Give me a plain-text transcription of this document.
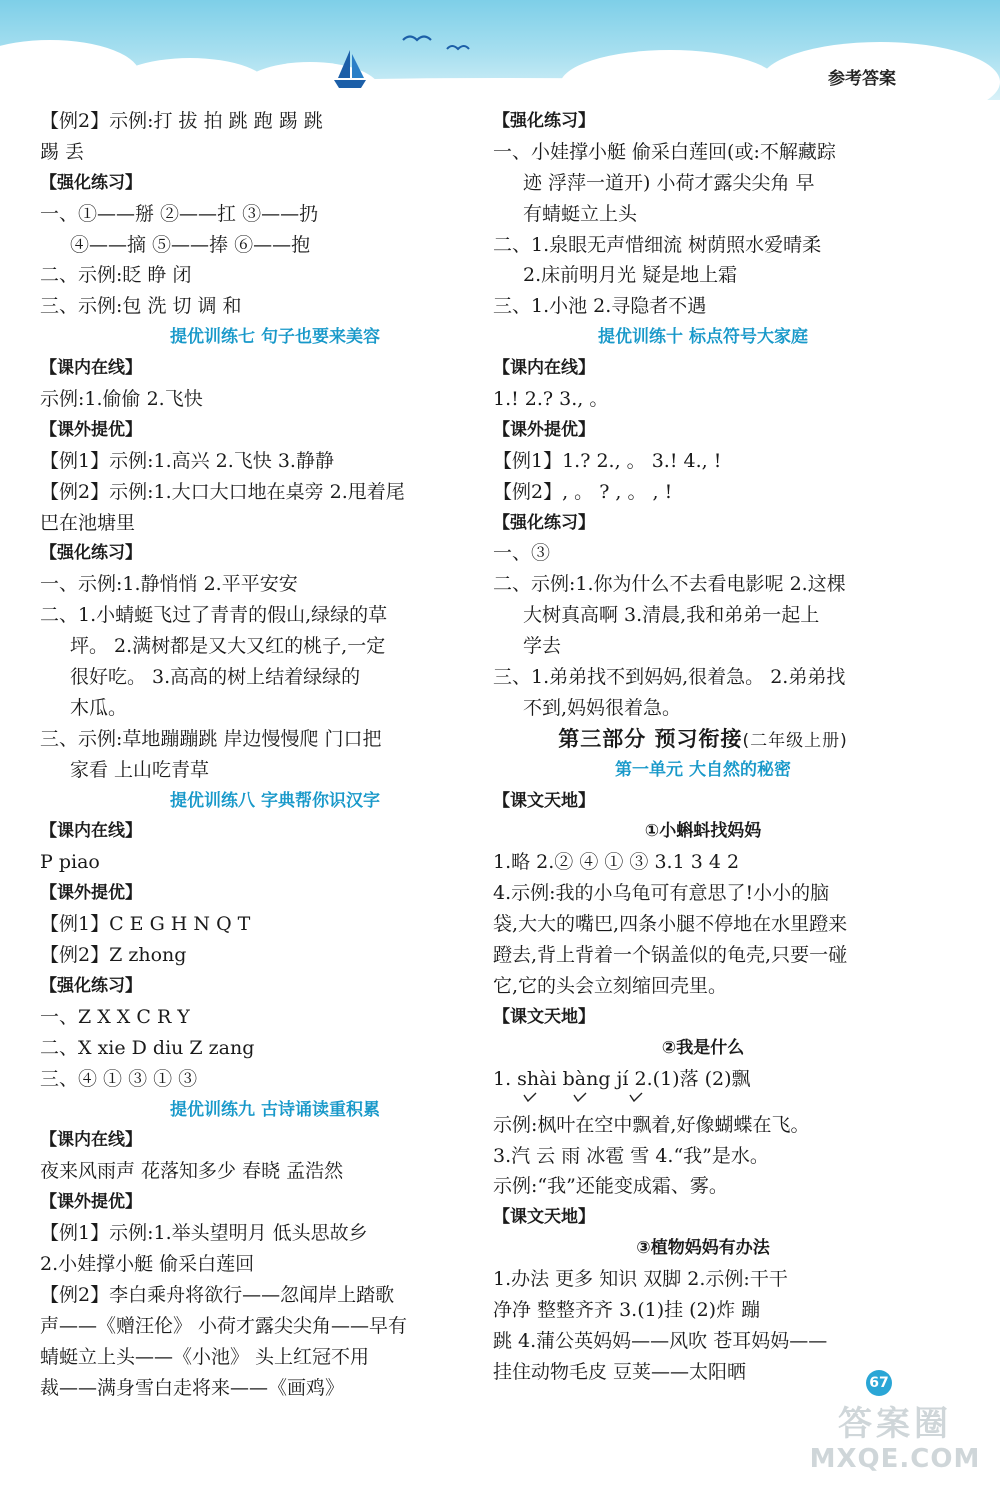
参考答案
【例2】示例:打 拔 拍 跳 跑 踢 跳
踢 丢
【强化练习】
一、①——掰 ②——扛 ③——扔
④——摘 ⑤——捧 ⑥——抱
二、示例:眨 睁 闭
三、示例:包 洗 切 调 和
提优训练七 句子也要来美容
【课内在线】
示例:1.偷偷 2.飞快
【课外提优】
【例1】示例:1.高兴 2.飞快 3.静静
【例2】示例:1.大口大口地在桌旁 2.甩着尾
巴在池塘里
【强化练习】
一、示例:1.静悄悄 2.平平安安
二、1.小蜻蜓飞过了青青的假山,绿绿的草
坪。 2.满树都是又大又红的桃子,一定
很好吃。 3.高高的树上结着绿绿的
木瓜。
三、示例:草地蹦蹦跳 岸边慢慢爬 门口把
家看 上山吃青草
提优训练八 字典帮你识汉字
【课内在线】
P piao
【课外提优】
【例1】C E G H N Q T
【例2】Z zhong
【强化练习】
一、Z X X C R Y
二、X xie D diu Z zang
三、④ ① ③ ① ③
提优训练九 古诗诵读重积累
【课内在线】
夜来风雨声 花落知多少 春晓 孟浩然
【课外提优】
【例1】示例:1.举头望明月 低头思故乡
2.小娃撑小艇 偷采白莲回
【例2】李白乘舟将欲行——忽闻岸上踏歌
声——《赠汪伦》 小荷才露尖尖角——早有
蜻蜓立上头——《小池》 头上红冠不用
裁——满身雪白走将来——《画鸡》
【强化练习】
一、小娃撑小艇 偷采白莲回(或:不解藏踪
迹 浮萍一道开) 小荷才露尖尖角 早
有蜻蜓立上头
二、1.泉眼无声惜细流 树荫照水爱晴柔
2.床前明月光 疑是地上霜
三、1.小池 2.寻隐者不遇
提优训练十 标点符号大家庭
【课内在线】
1.! 2.? 3., 。
【课外提优】
【例1】1.? 2., 。 3.! 4., !
【例2】, 。 ? , 。 , !
【强化练习】
一、③
二、示例:1.你为什么不去看电影呢 2.这棵
大树真高啊 3.清晨,我和弟弟一起上
学去
三、1.弟弟找不到妈妈,很着急。 2.弟弟找
不到,妈妈很着急。
第三部分 预习衔接(二年级上册)
第一单元 大自然的秘密
【课文天地】
①小蝌蚪找妈妈
1.略 2.② ④ ① ③ 3.1 3 4 2
4.示例:我的小乌龟可有意思了!小小的脑
袋,大大的嘴巴,四条小腿不停地在水里蹬来
蹬去,背上背着一个锅盖似的龟壳,只要一碰
它,它的头会立刻缩回壳里。
【课文天地】
②我是什么
1. shài bàng jí 2.(1)落 (2)飘
示例:枫叶在空中飘着,好像蝴蝶在飞。
3.汽 云 雨 冰雹 雪 4.“我”是水。
示例:“我”还能变成霜、雾。
【课文天地】
③植物妈妈有办法
1.办法 更多 知识 双脚 2.示例:干干
净净 整整齐齐 3.(1)挂 (2)炸 蹦
跳 4.蒲公英妈妈——风吹 苍耳妈妈——
挂住动物毛皮 豆荚——太阳晒
67
答案圈
MXQE.COM
